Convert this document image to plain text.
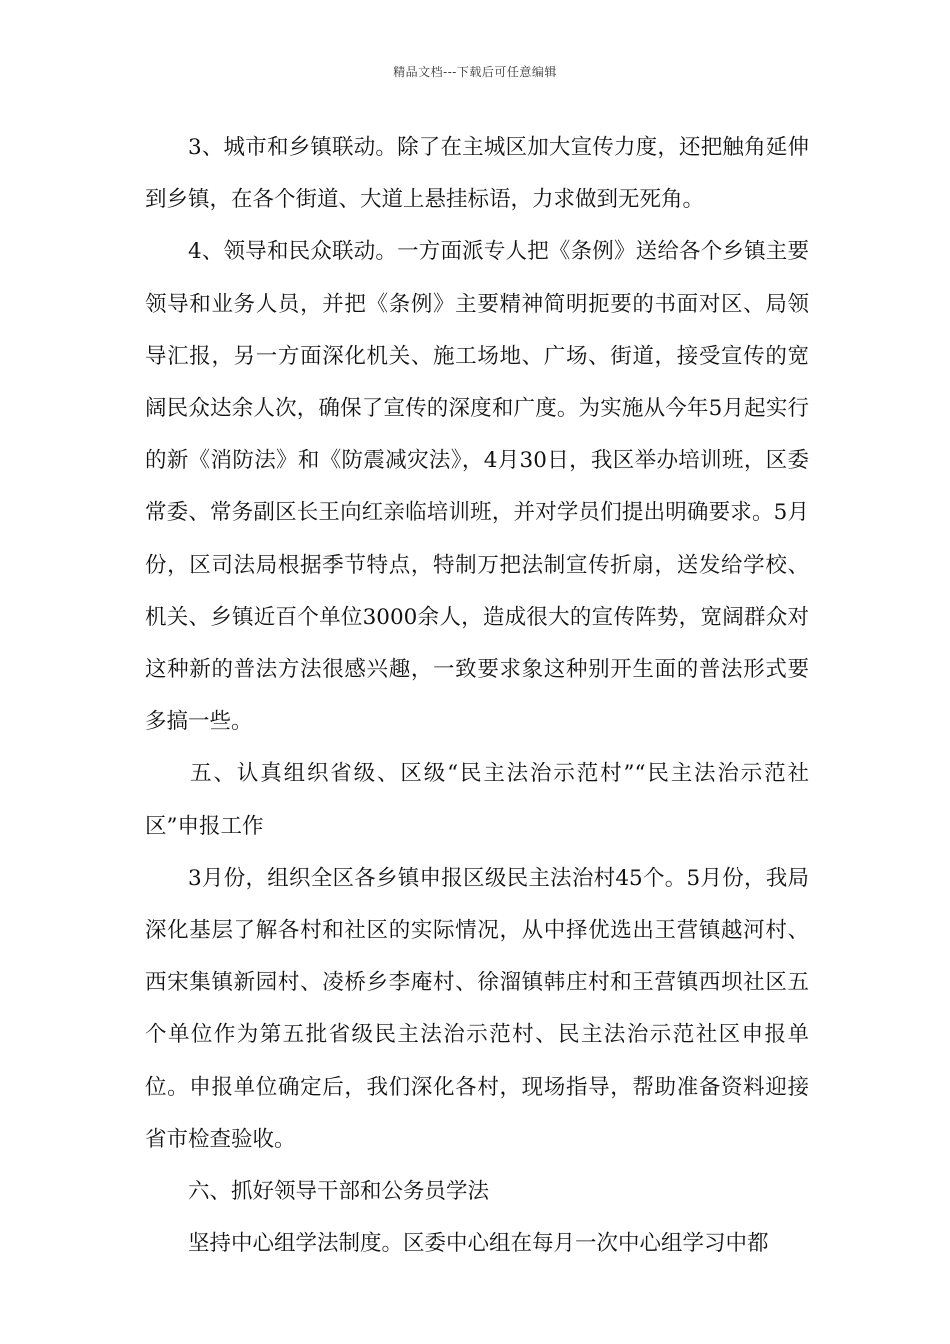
精品文档---下载后可任意编辑

3、城市和乡镇联动。除了在主城区加大宣传力度，还把触角延伸到乡镇，在各个街道、大道上悬挂标语，力求做到无死角。

4、领导和民众联动。一方面派专人把《条例》送给各个乡镇主要领导和业务人员，并把《条例》主要精神简明扼要的书面对区、局领导汇报，另一方面深化机关、施工场地、广场、街道，接受宣传的宽阔民众达余人次，确保了宣传的深度和广度。为实施从今年5月起实行的新《消防法》和《防震减灾法》，4月30日，我区举办培训班，区委常委、常务副区长王向红亲临培训班，并对学员们提出明确要求。5月份，区司法局根据季节特点，特制万把法制宣传折扇，送发给学校、机关、乡镇近百个单位3000余人，造成很大的宣传阵势，宽阔群众对这种新的普法方法很感兴趣，一致要求象这种别开生面的普法形式要多搞一些。

五、认真组织省级、区级“民主法治示范村”“民主法治示范社区”申报工作

3月份，组织全区各乡镇申报区级民主法治村45个。5月份，我局深化基层了解各村和社区的实际情况，从中择优选出王营镇越河村、西宋集镇新园村、凌桥乡李庵村、徐溜镇韩庄村和王营镇西坝社区五个单位作为第五批省级民主法治示范村、民主法治示范社区申报单位。申报单位确定后，我们深化各村，现场指导，帮助准备资料迎接省市检查验收。

六、抓好领导干部和公务员学法

坚持中心组学法制度。区委中心组在每月一次中心组学习中都
